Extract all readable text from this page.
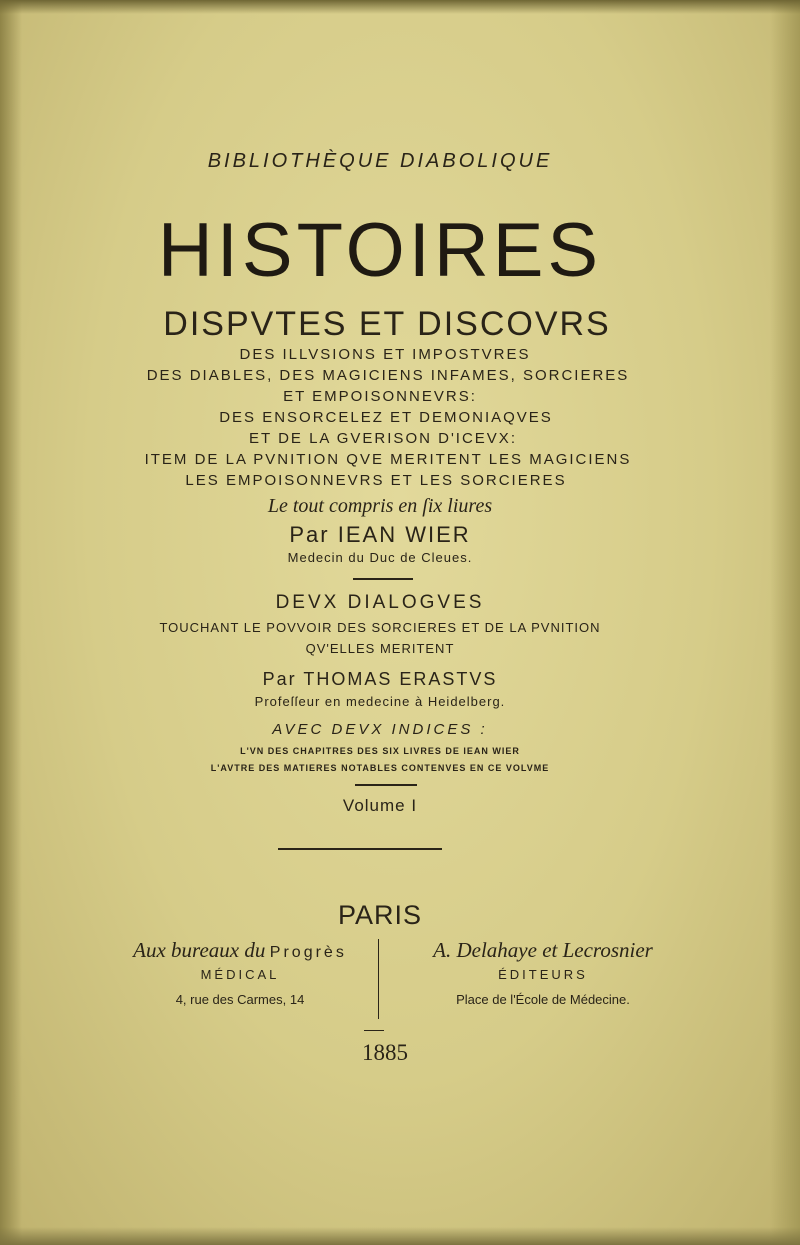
BIBLIOTHÈQUE DIABOLIQUE
HISTOIRES
DISPVTES ET DISCOVRS
DES ILLVSIONS ET IMPOSTVRES
DES DIABLES, DES MAGICIENS INFAMES, SORCIERES
ET EMPOISONNEVRS:
DES ENSORCELEZ ET DEMONIAQVES
ET DE LA GVERISON D'ICEVX:
ITEM DE LA PVNITION QVE MERITENT LES MAGICIENS
LES EMPOISONNEVRS ET LES SORCIERES
Le tout compris en ſix liures
Par IEAN WIER
Medecin du Duc de Cleues.
DEVX DIALOGVES
TOUCHANT LE POVVOIR DES SORCIERES ET DE LA PVNITION
QV'ELLES MERITENT
Par THOMAS ERASTVS
Profeſſeur en medecine à Heidelberg.
AVEC DEVX INDICES :
L'VN DES CHAPITRES DES SIX LIVRES DE IEAN WIER
L'AVTRE DES MATIERES NOTABLES CONTENVES EN CE VOLVME
Volume I
PARIS
Aux bureaux du Progrès
MÉDICAL
4, rue des Carmes, 14
A. Delahaye et Lecrosnier
ÉDITEURS
Place de l'École de Médecine.
1885
